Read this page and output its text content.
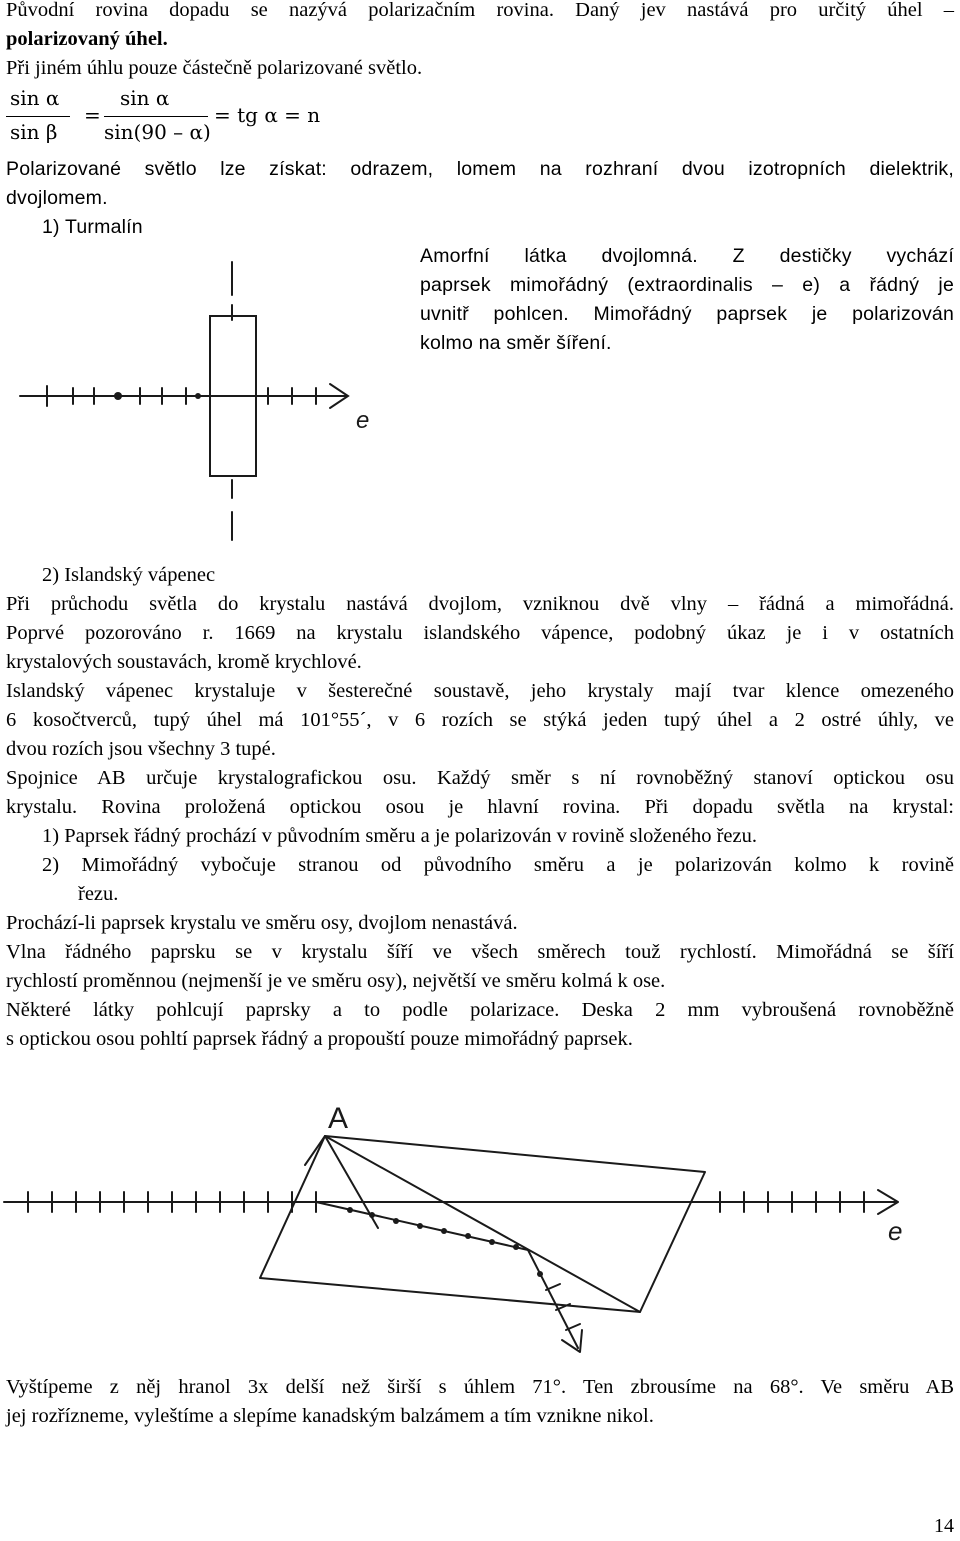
Původní rovina dopadu se nazývá polarizačním rovina. Daný jev nastává pro určitý úhel –
polarizovaný úhel.
Při jiném úhlu pouze částečně polarizované světlo.
sin α
sin β
=
sin α
sin(90 – α)
= tg α = n
Polarizované světlo lze získat: odrazem, lomem na rozhraní dvou izotropních dielektrik,
dvojlomem.
1) Turmalín
Amorfní látka dvojlomná. Z destičky vychází
paprsek mimořádný (extraordinalis – e) a řádný je
uvnitř pohlcen. Mimořádný paprsek je polarizován
kolmo na směr šíření.
e
2) Islandský vápenec
Při průchodu světla do krystalu nastává dvojlom, vzniknou dvě vlny – řádná a mimořádná.
Poprvé pozorováno r. 1669 na krystalu islandského vápence, podobný úkaz je i v ostatních
krystalových soustavách, kromě krychlové.
Islandský vápenec krystaluje v šesterečné soustavě, jeho krystaly mají tvar klence omezeného
6 kosočtverců, tupý úhel má 101°55´, v 6 rozích se stýká jeden tupý úhel a 2 ostré úhly, ve
dvou rozích jsou všechny 3 tupé.
Spojnice AB určuje krystalografickou osu. Každý směr s ní rovnoběžný stanoví optickou osu
krystalu. Rovina proložená optickou osou je hlavní rovina. Při dopadu světla na krystal:
1) Paprsek řádný prochází v původním směru a je polarizován v rovině složeného řezu.
2) Mimořádný vybočuje stranou od původního směru a je polarizován kolmo k rovině
řezu.
Prochází-li paprsek krystalu ve směru osy, dvojlom nenastává.
Vlna řádného paprsku se v krystalu šíří ve všech směrech touž rychlostí. Mimořádná se šíří
rychlostí proměnnou (nejmenší je ve směru osy), největší ve směru kolmá k ose.
Některé látky pohlcují paprsky a to podle polarizace. Deska 2 mm vybroušená rovnoběžně
s optickou osou pohltí paprsek řádný a propouští pouze mimořádný paprsek.
A
e
Vyštípeme z něj hranol 3x delší než širší s úhlem 71°. Ten zbrousíme na 68°. Ve směru AB
jej rozřízneme, vyleštíme a slepíme kanadským balzámem a tím vznikne nikol.
14
